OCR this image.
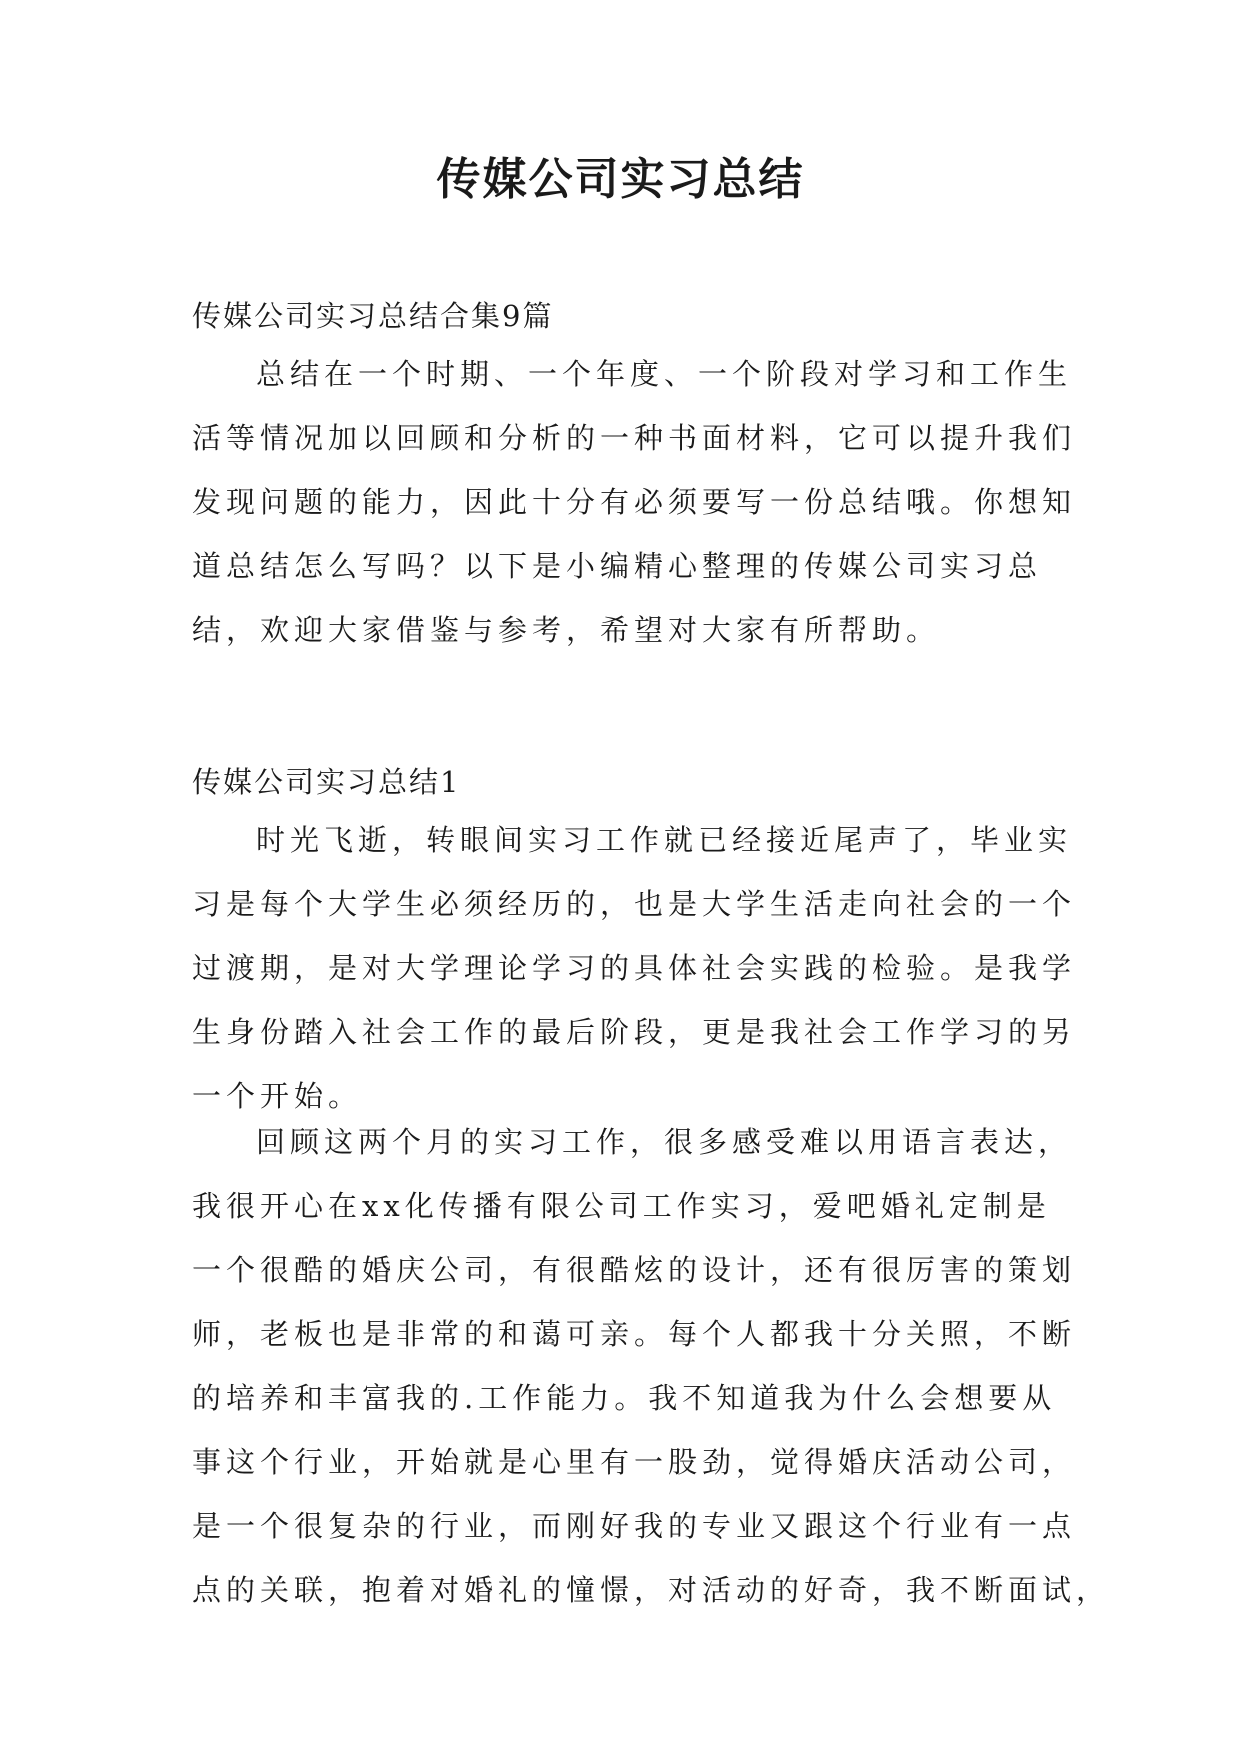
传媒公司实习总结
传媒公司实习总结合集9篇
总结在一个时期、一个年度、一个阶段对学习和工作生
活等情况加以回顾和分析的一种书面材料，它可以提升我们
发现问题的能力，因此十分有必须要写一份总结哦。你想知
道总结怎么写吗？以下是小编精心整理的传媒公司实习总
结，欢迎大家借鉴与参考，希望对大家有所帮助。
传媒公司实习总结1
时光飞逝，转眼间实习工作就已经接近尾声了，毕业实
习是每个大学生必须经历的，也是大学生活走向社会的一个
过渡期，是对大学理论学习的具体社会实践的检验。是我学
生身份踏入社会工作的最后阶段，更是我社会工作学习的另
一个开始。
回顾这两个月的实习工作，很多感受难以用语言表达，
我很开心在xx化传播有限公司工作实习，爱吧婚礼定制是
一个很酷的婚庆公司，有很酷炫的设计，还有很厉害的策划
师，老板也是非常的和蔼可亲。每个人都我十分关照，不断
的培养和丰富我的.工作能力。我不知道我为什么会想要从
事这个行业，开始就是心里有一股劲，觉得婚庆活动公司，
是一个很复杂的行业，而刚好我的专业又跟这个行业有一点
点的关联，抱着对婚礼的憧憬，对活动的好奇，我不断面试，
